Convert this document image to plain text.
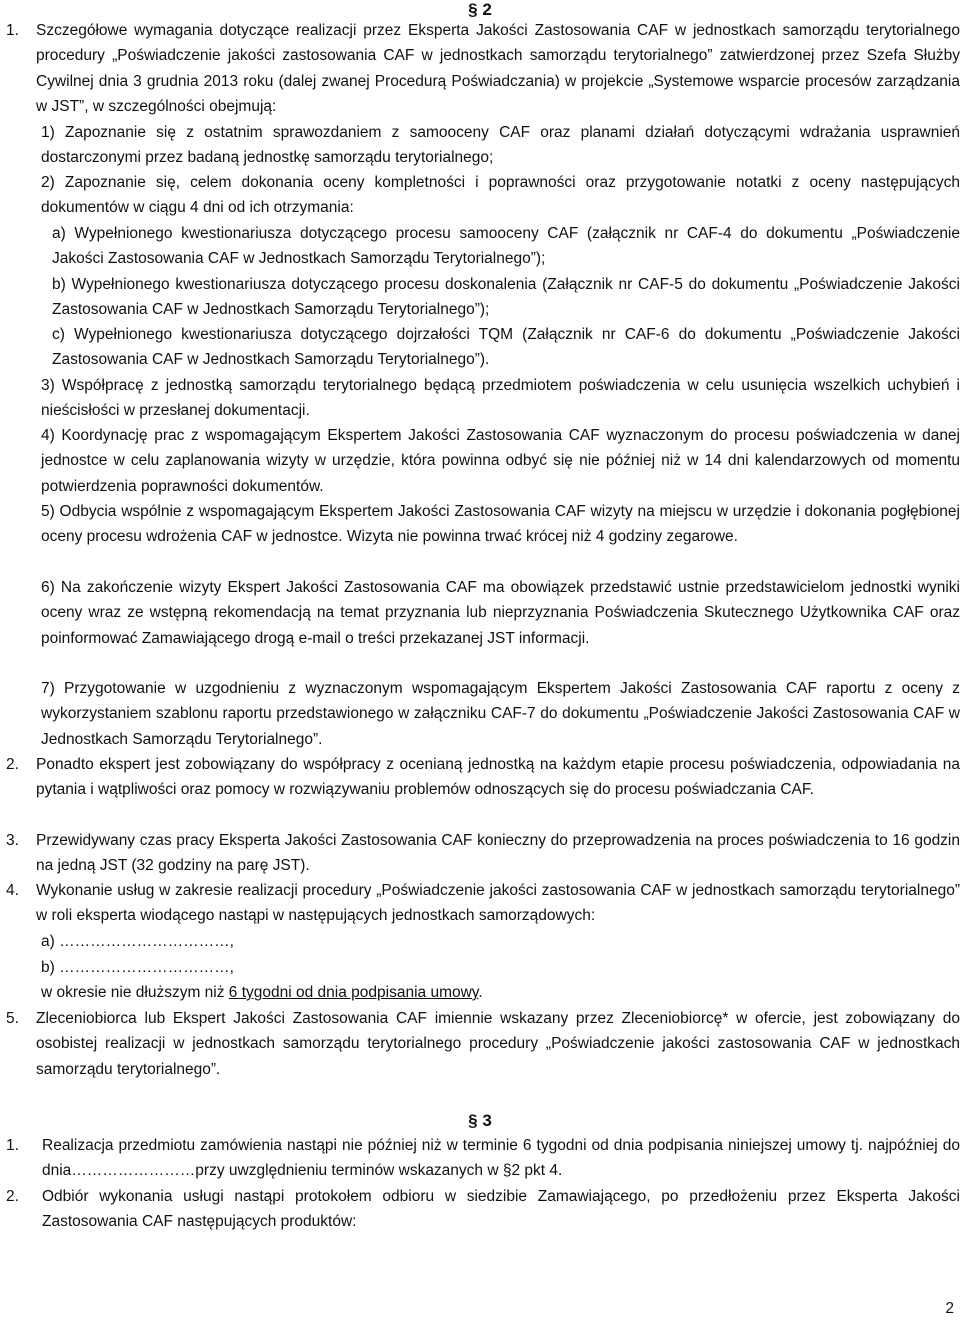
§ 2
1.	Szczegółowe wymagania dotyczące realizacji przez Eksperta Jakości Zastosowania CAF w jednostkach samorządu terytorialnego procedury „Poświadczenie jakości zastosowania CAF w jednostkach samorządu terytorialnego” zatwierdzonej przez Szefa Służby Cywilnej dnia 3 grudnia 2013 roku (dalej zwanej Procedurą Poświadczania) w projekcie „Systemowe wsparcie procesów zarządzania w JST”, w szczególności obejmują:
1) Zapoznanie się z ostatnim sprawozdaniem z samooceny CAF oraz planami działań dotyczącymi wdrażania usprawnień dostarczonymi przez badaną jednostkę samorządu terytorialnego;
2) Zapoznanie się, celem dokonania oceny kompletności i poprawności oraz przygotowanie notatki z oceny następujących dokumentów w ciągu 4 dni od ich otrzymania:
a) Wypełnionego kwestionariusza dotyczącego procesu samooceny CAF (załącznik nr CAF-4 do dokumentu „Poświadczenie Jakości Zastosowania CAF w Jednostkach Samorządu Terytorialnego”);
b) Wypełnionego kwestionariusza dotyczącego procesu doskonalenia (Załącznik nr CAF-5 do dokumentu „Poświadczenie Jakości Zastosowania CAF w Jednostkach Samorządu Terytorialnego”);
c) Wypełnionego kwestionariusza dotyczącego dojrzałości TQM (Załącznik nr CAF-6 do dokumentu „Poświadczenie Jakości Zastosowania CAF w Jednostkach Samorządu Terytorialnego”).
3) Współpracę z jednostką samorządu terytorialnego będącą przedmiotem poświadczenia w celu usunięcia wszelkich uchybień i nieścisłości w przesłanej dokumentacji.
4) Koordynację prac z wspomagającym Ekspertem Jakości Zastosowania CAF wyznaczonym do procesu poświadczenia w danej jednostce w celu zaplanowania wizyty w urzędzie, która powinna odbyć się nie później niż w 14 dni kalendarzowych od momentu potwierdzenia poprawności dokumentów.
5) Odbycia wspólnie z wspomagającym Ekspertem Jakości Zastosowania CAF wizyty na miejscu w urzędzie i dokonania pogłębionej oceny procesu wdrożenia CAF w jednostce. Wizyta nie powinna trwać krócej niż 4 godziny zegarowe.
6) Na zakończenie wizyty Ekspert Jakości Zastosowania CAF ma obowiązek przedstawić ustnie przedstawicielom jednostki wyniki oceny wraz ze wstępną rekomendacją na temat przyznania lub nieprzyznania Poświadczenia Skutecznego Użytkownika CAF oraz poinformować Zamawiającego drogą e-mail o treści przekazanej JST informacji.
7) Przygotowanie w uzgodnieniu z wyznaczonym wspomagającym Ekspertem Jakości Zastosowania CAF raportu z oceny z wykorzystaniem szablonu raportu przedstawionego w załączniku CAF-7 do dokumentu „Poświadczenie Jakości Zastosowania CAF w Jednostkach Samorządu Terytorialnego”.
2.	Ponadto ekspert jest zobowiązany do współpracy z ocenianą jednostką na każdym etapie procesu poświadczenia, odpowiadania na pytania i wątpliwości oraz pomocy w rozwiązywaniu problemów odnoszących się do procesu poświadczania CAF.
3.	Przewidywany czas pracy Eksperta Jakości Zastosowania CAF konieczny do przeprowadzenia na proces poświadczenia to 16 godzin na jedną JST (32 godziny na parę JST).
4.	Wykonanie usług w zakresie realizacji procedury „Poświadczenie jakości zastosowania CAF w jednostkach samorządu terytorialnego” w roli eksperta wiodącego nastąpi w następujących jednostkach samorządowych:
a) ……………………………,
b) ……………………………,
w okresie nie dłuższym niż 6 tygodni od dnia podpisania umowy.
5.	Zleceniobiorca lub Ekspert Jakości Zastosowania CAF imiennie wskazany przez Zleceniobiorcę* w ofercie, jest zobowiązany do osobistej realizacji w jednostkach samorządu terytorialnego procedury „Poświadczenie jakości zastosowania CAF w jednostkach samorządu terytorialnego”.
§ 3
1.	Realizacja przedmiotu zamówienia nastąpi nie później niż w terminie 6 tygodni od dnia podpisania niniejszej umowy tj. najpóźniej do dnia……………………przy uwzględnieniu terminów wskazanych w §2 pkt 4.
2.	Odbiór wykonania usługi nastąpi protokołem odbioru w siedzibie Zamawiającego, po przedłożeniu przez Eksperta Jakości Zastosowania CAF następujących produktów:
2
